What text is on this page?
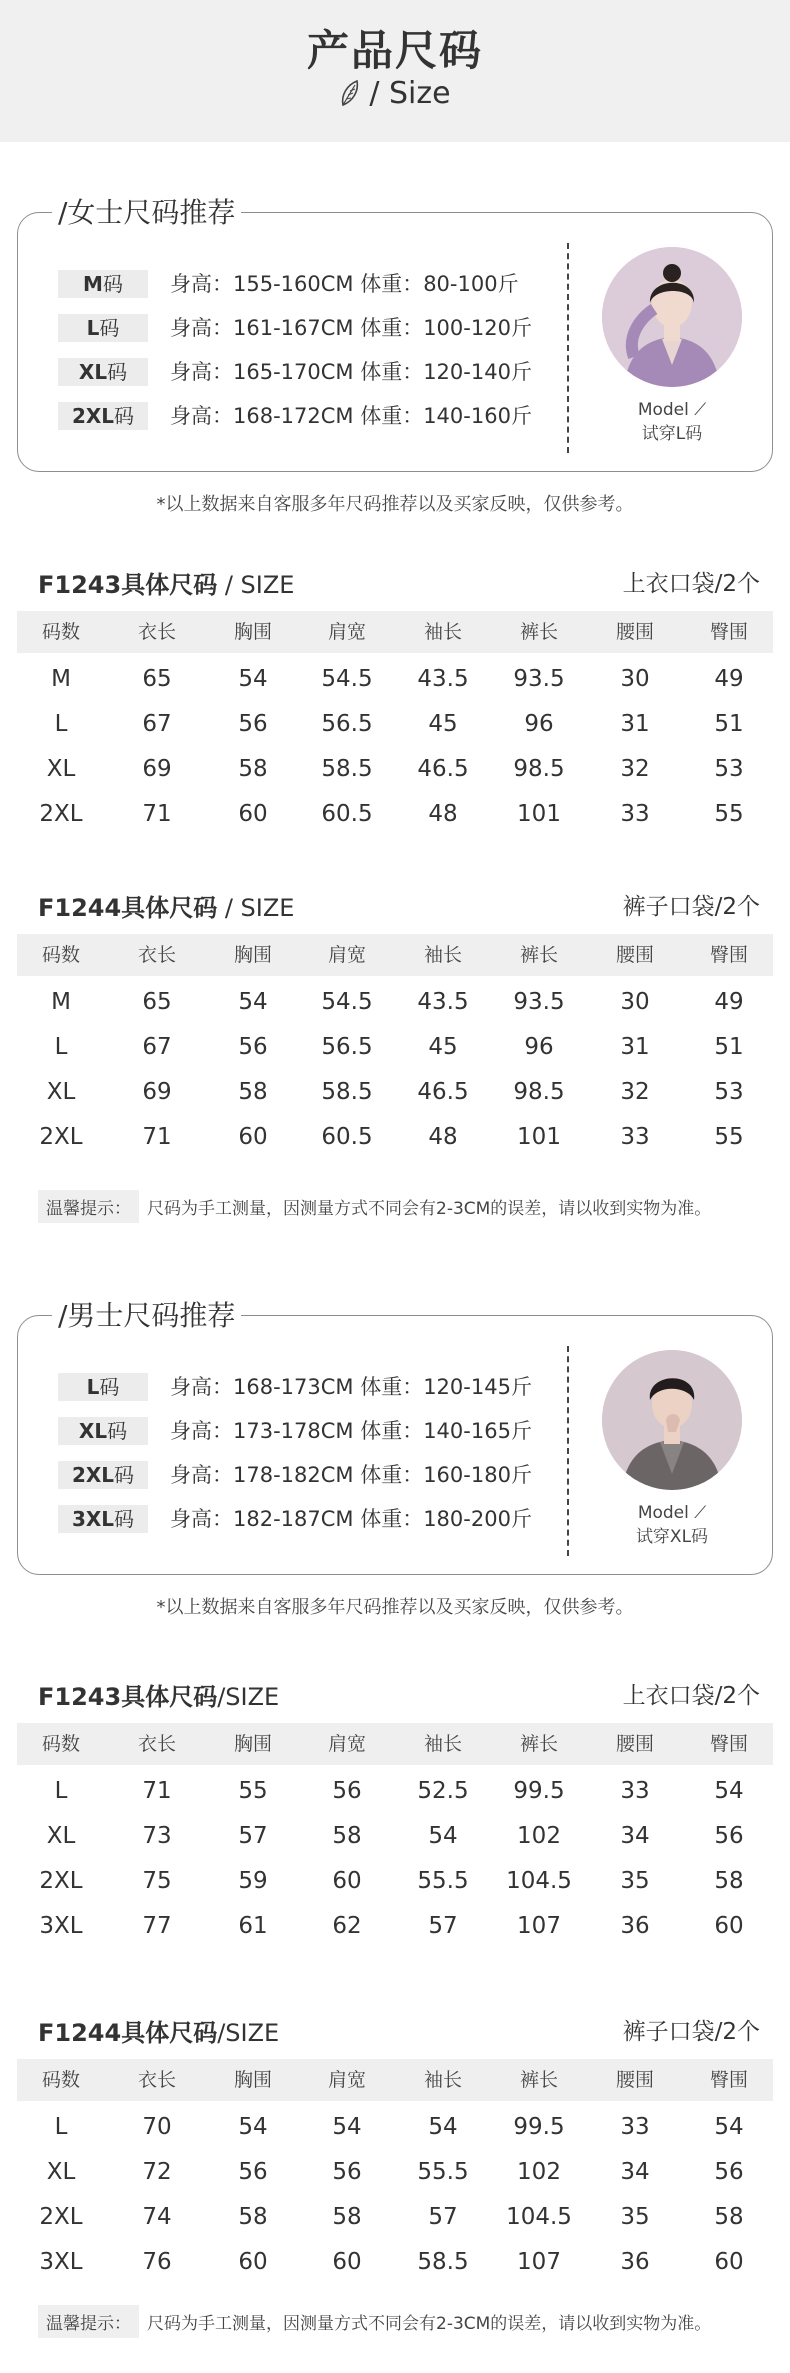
产品尺码
/ Size
/女士尺码推荐
M码 身高：155-160CM 体重：80-100斤
L码 身高：161-167CM 体重：100-120斤
XL码 身高：165-170CM 体重：120-140斤
2XL码 身高：168-172CM 体重：140-160斤	Model ⟋
试穿L码
*以上数据来自客服多年尺码推荐以及买家反映，仅供参考。
F1243具体尺码 / SIZE	上衣口袋/2个
码数	衣长	胸围	肩宽	袖长	裤长	腰围	臀围
M	65	54	54.5	43.5	93.5	30	49
L	67	56	56.5	45	96	31	51
XL	69	58	58.5	46.5	98.5	32	53
2XL	71	60	60.5	48	101	33	55
F1244具体尺码 / SIZE	裤子口袋/2个
码数	衣长	胸围	肩宽	袖长	裤长	腰围	臀围
M	65	54	54.5	43.5	93.5	30	49
L	67	56	56.5	45	96	31	51
XL	69	58	58.5	46.5	98.5	32	53
2XL	71	60	60.5	48	101	33	55
F1243具体尺码/SIZE	上衣口袋/2个
码数	衣长	胸围	肩宽	袖长	裤长	腰围	臀围
L	71	55	56	52.5	99.5	33	54
XL	73	57	58	54	102	34	56
2XL	75	59	60	55.5	104.5	35	58
3XL	77	61	62	57	107	36	60
F1244具体尺码/SIZE	裤子口袋/2个
码数	衣长	胸围	肩宽	袖长	裤长	腰围	臀围
L	70	54	54	54	99.5	33	54
XL	72	56	56	55.5	102	34	56
2XL	74	58	58	57	104.5	35	58
3XL	76	60	60	58.5	107	36	60
温馨提示： 尺码为手工测量，因测量方式不同会有2-3CM的误差，请以收到实物为准。
/男士尺码推荐
L码 身高：168-173CM 体重：120-145斤
XL码 身高：173-178CM 体重：140-165斤
2XL码 身高：178-182CM 体重：160-180斤
3XL码 身高：182-187CM 体重：180-200斤	Model ⟋
试穿XL码
*以上数据来自客服多年尺码推荐以及买家反映，仅供参考。
温馨提示： 尺码为手工测量，因测量方式不同会有2-3CM的误差，请以收到实物为准。
